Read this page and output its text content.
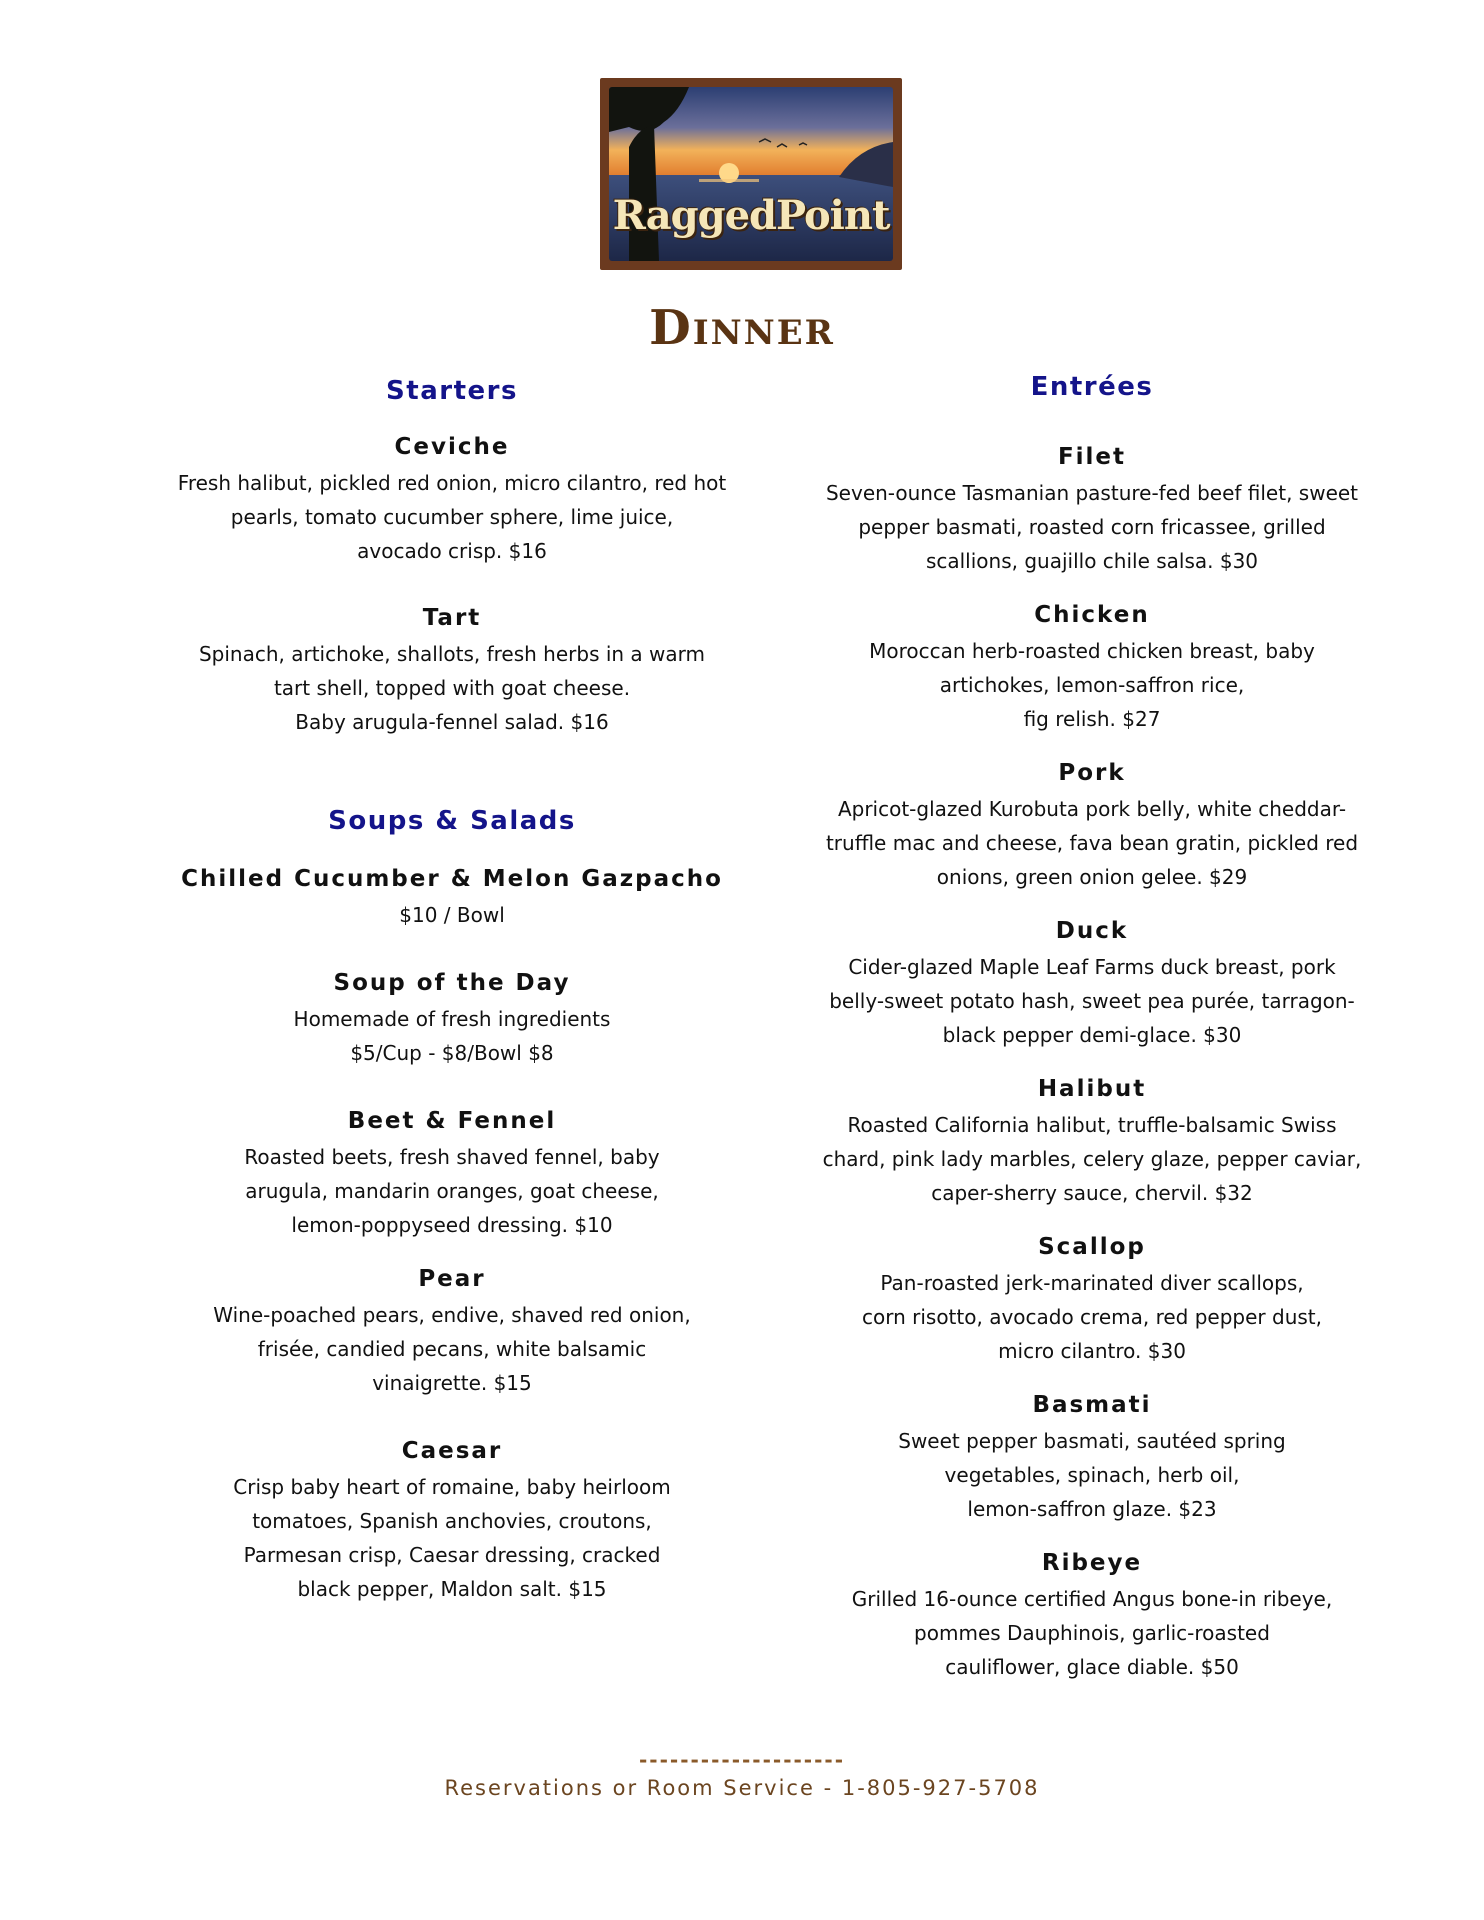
RaggedPoint
Dinner
Starters
Ceviche
Fresh halibut, pickled red onion, micro cilantro, red hot
pearls, tomato cucumber sphere, lime juice,
avocado crisp. $16
Tart
Spinach, artichoke, shallots, fresh herbs in a warm
tart shell, topped with goat cheese.
Baby arugula-fennel salad. $16
Soups & Salads
Chilled Cucumber & Melon Gazpacho
$10 / Bowl
Soup of the Day
Homemade of fresh ingredients
$5/Cup - $8/Bowl $8
Beet & Fennel
Roasted beets, fresh shaved fennel, baby
arugula, mandarin oranges, goat cheese,
lemon-poppyseed dressing. $10
Pear
Wine-poached pears, endive, shaved red onion,
frisée, candied pecans, white balsamic
vinaigrette. $15
Caesar
Crisp baby heart of romaine, baby heirloom
tomatoes, Spanish anchovies, croutons,
Parmesan crisp, Caesar dressing, cracked
black pepper, Maldon salt. $15
Entrées
Filet
Seven-ounce Tasmanian pasture-fed beef filet, sweet
pepper basmati, roasted corn fricassee, grilled
scallions, guajillo chile salsa. $30
Chicken
Moroccan herb-roasted chicken breast, baby
artichokes, lemon-saffron rice,
fig relish. $27
Pork
Apricot-glazed Kurobuta pork belly, white cheddar-
truffle mac and cheese, fava bean gratin, pickled red
onions, green onion gelee. $29
Duck
Cider-glazed Maple Leaf Farms duck breast, pork
belly-sweet potato hash, sweet pea purée, tarragon-
black pepper demi-glace. $30
Halibut
Roasted California halibut, truffle-balsamic Swiss
chard, pink lady marbles, celery glaze, pepper caviar,
caper-sherry sauce, chervil. $32
Scallop
Pan-roasted jerk-marinated diver scallops,
corn risotto, avocado crema, red pepper dust,
micro cilantro. $30
Basmati
Sweet pepper basmati, sautéed spring
vegetables, spinach, herb oil,
lemon-saffron glaze. $23
Ribeye
Grilled 16-ounce certified Angus bone-in ribeye,
pommes Dauphinois, garlic-roasted
cauliflower, glace diable. $50
--------------------
Reservations or Room Service - 1-805-927-5708
